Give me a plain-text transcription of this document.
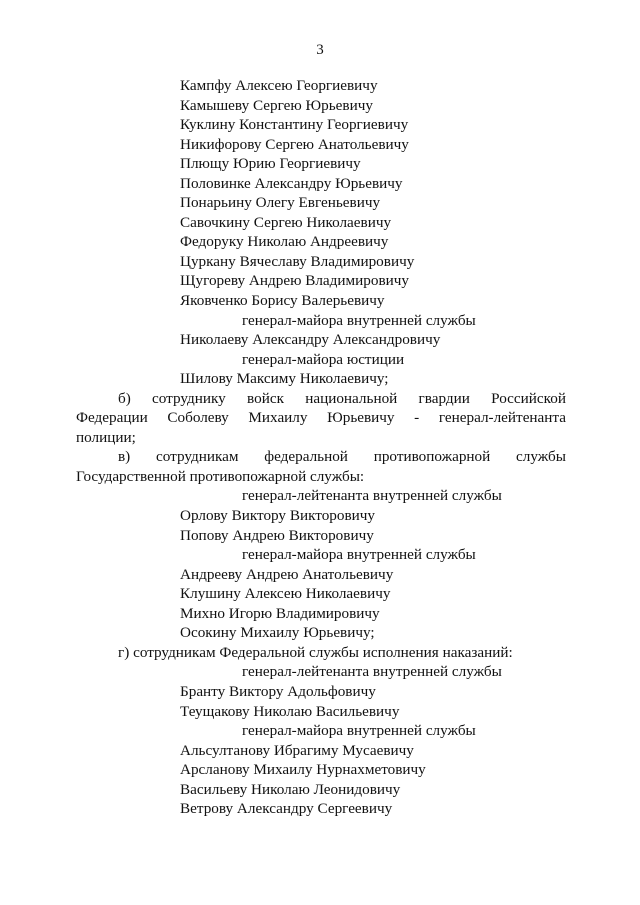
3
Кампфу Алексею Георгиевичу
Камышеву Сергею Юрьевичу
Куклину Константину Георгиевичу
Никифорову Сергею Анатольевичу
Плющу Юрию Георгиевичу
Половинке Александру Юрьевичу
Понарьину Олегу Евгеньевичу
Савочкину Сергею Николаевичу
Федоруку Николаю Андреевичу
Цуркану Вячеславу Владимировичу
Щугореву Андрею Владимировичу
Яковченко Борису Валерьевичу
генерал-майора внутренней службы
Николаеву Александру Александровичу
генерал-майора юстиции
Шилову Максиму Николаевичу;
б) сотруднику войск национальной гвардии Российской
Федерации Соболеву Михаилу Юрьевичу - генерал-лейтенанта
полиции;
в) сотрудникам федеральной противопожарной службы
Государственной противопожарной службы:
генерал-лейтенанта внутренней службы
Орлову Виктору Викторовичу
Попову Андрею Викторовичу
генерал-майора внутренней службы
Андрееву Андрею Анатольевичу
Клушину Алексею Николаевичу
Михно Игорю Владимировичу
Осокину Михаилу Юрьевичу;
г) сотрудникам Федеральной службы исполнения наказаний:
генерал-лейтенанта внутренней службы
Бранту Виктору Адольфовичу
Теущакову Николаю Васильевичу
генерал-майора внутренней службы
Альсултанову Ибрагиму Мусаевичу
Арсланову Михаилу Нурнахметовичу
Васильеву Николаю Леонидовичу
Ветрову Александру Сергеевичу
